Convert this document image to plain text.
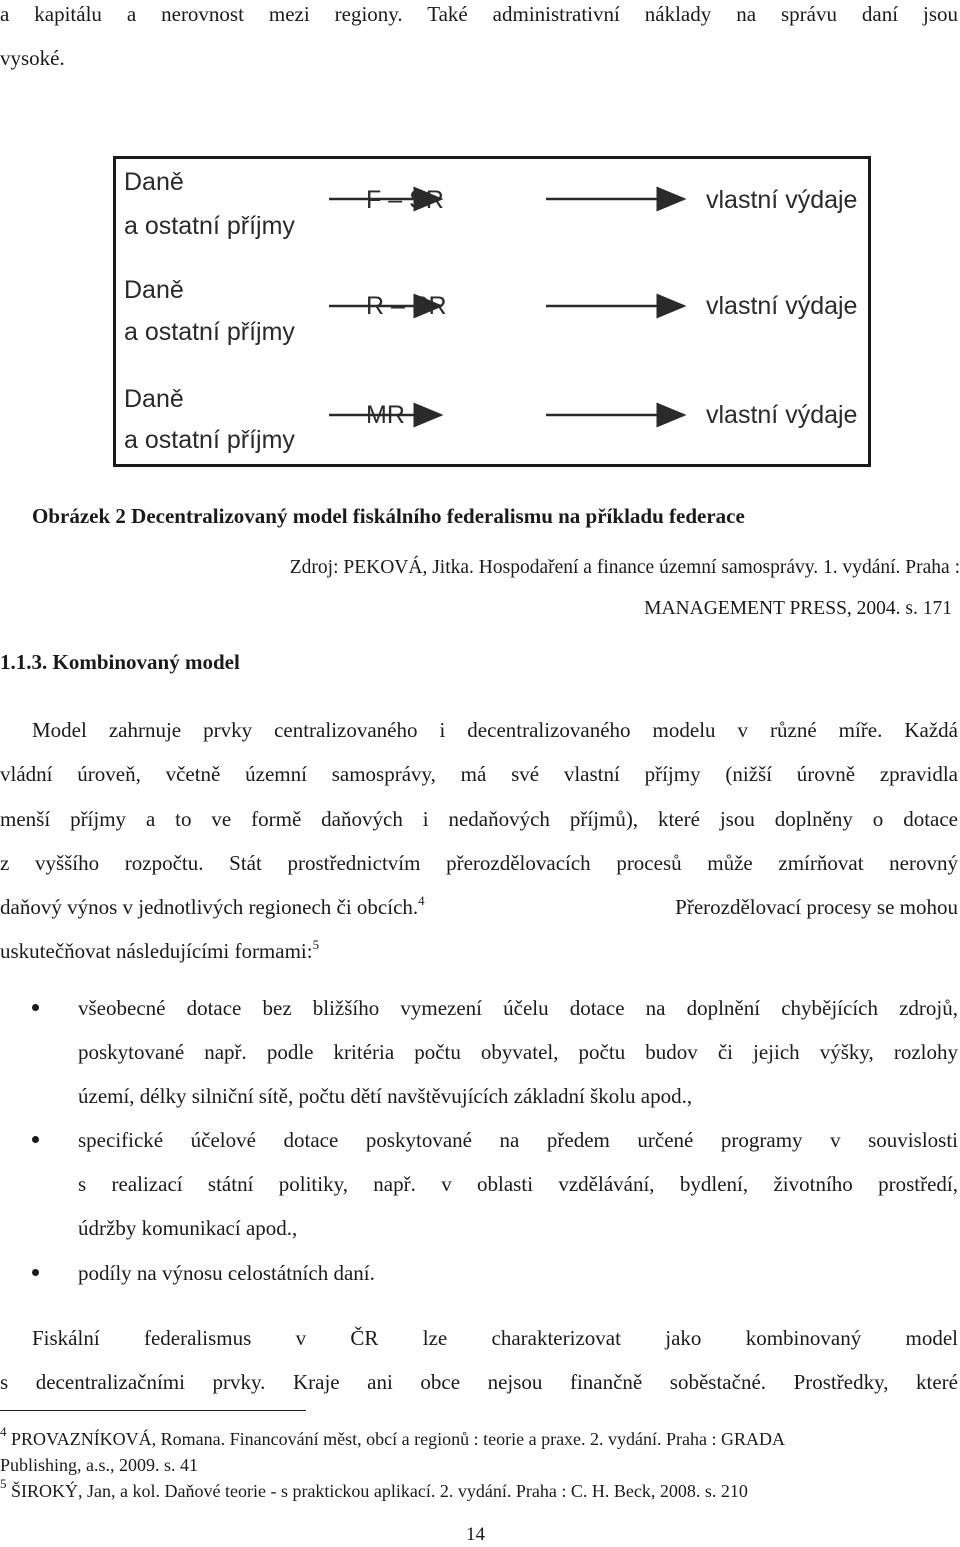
a kapitálu a nerovnost mezi regiony. Také administrativní náklady na správu daní jsou
vysoké.
Daně
a ostatní příjmy
F – SR	vlastní výdaje
Daně
a ostatní příjmy
R – SR	vlastní výdaje
Daně
a ostatní příjmy
MR	vlastní výdaje
Obrázek 2 Decentralizovaný model fiskálního federalismu na příkladu federace
Zdroj: PEKOVÁ, Jitka. Hospodaření a finance územní samosprávy. 1. vydání. Praha :
MANAGEMENT PRESS, 2004. s. 171
1.1.3. Kombinovaný model
Model zahrnuje prvky centralizovaného i decentralizovaného modelu v různé míře. Každá
vládní úroveň, včetně územní samosprávy, má své vlastní příjmy (nižší úrovně zpravidla
menší příjmy a to ve formě daňových i nedaňových příjmů), které jsou doplněny o dotace
z vyššího rozpočtu. Stát prostřednictvím přerozdělovacích procesů může zmírňovat nerovný
daňový výnos v jednotlivých regionech či obcích.$^4$	Přerozdělovací procesy se mohou
uskutečňovat následujícími formami:$^5$
všeobecné dotace bez bližšího vymezení účelu dotace na doplnění chybějících zdrojů,
poskytované např. podle kritéria počtu obyvatel, počtu budov či jejich výšky, rozlohy
území, délky silniční sítě, počtu dětí navštěvujících základní školu apod.,
specifické účelové dotace poskytované na předem určené programy v souvislosti
s realizací státní politiky, např. v oblasti vzdělávání, bydlení, životního prostředí,
údržby komunikací apod.,
podíly na výnosu celostátních daní.
Fiskální federalismus v ČR lze charakterizovat jako kombinovaný model
s decentralizačními prvky. Kraje ani obce nejsou finančně soběstačné. Prostředky, které
$^4$ PROVAZNÍKOVÁ, Romana. Financování měst, obcí a regionů : teorie a praxe. 2. vydání. Praha : GRADA
Publishing, a.s., 2009. s. 41
$^5$ ŠIROKÝ, Jan, a kol. Daňové teorie - s praktickou aplikací. 2. vydání. Praha : C. H. Beck, 2008. s. 210
14
